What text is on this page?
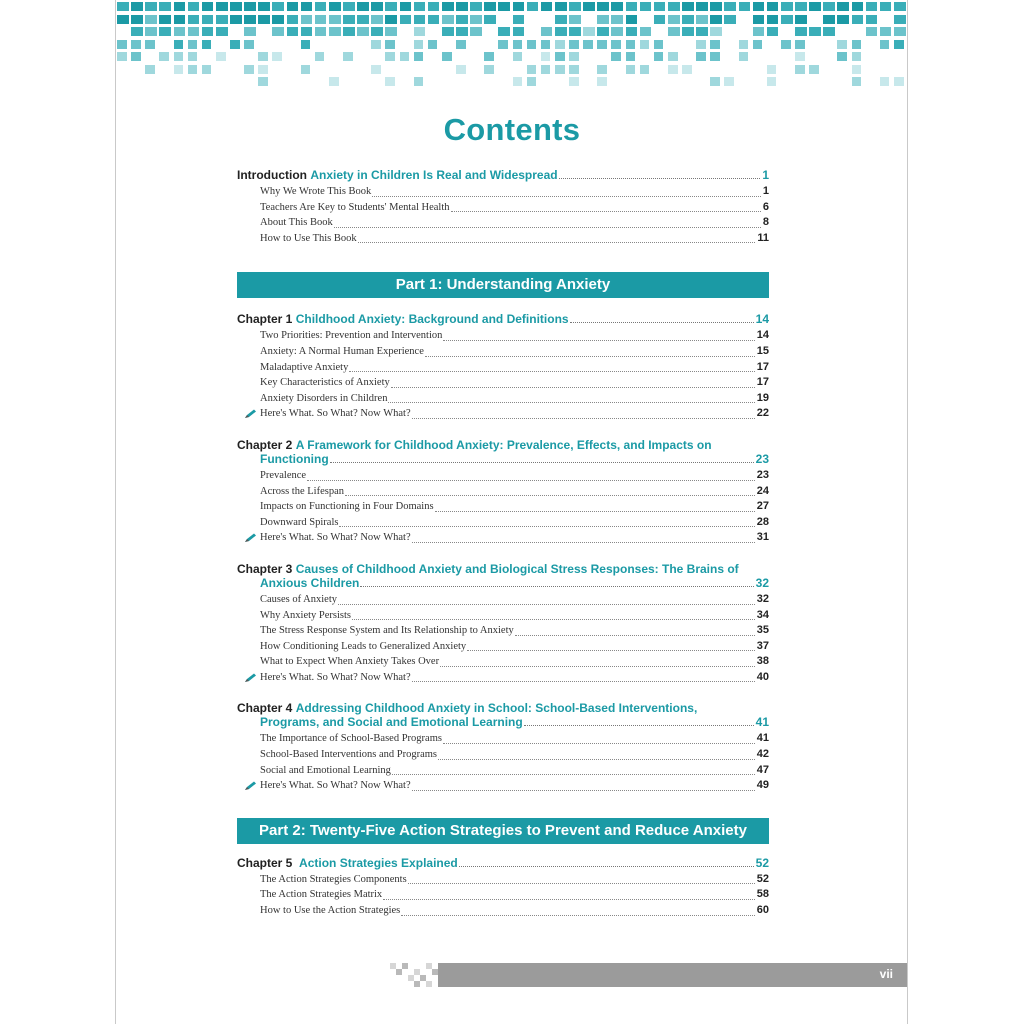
Contents
Introduction
Anxiety in Children Is Real and Widespread	1
Why We Wrote This Book	1
Teachers Are Key to Students' Mental Health	6
About This Book	8
How to Use This Book	11
Part 1: Understanding Anxiety
Chapter 1
Childhood Anxiety: Background and Definitions	14
Two Priorities: Prevention and Intervention	14
Anxiety: A Normal Human Experience	15
Maladaptive Anxiety	17
Key Characteristics of Anxiety	17
Anxiety Disorders in Children	19
Here's What. So What? Now What?	22
Chapter 2 A Framework for Childhood Anxiety: Prevalence, Effects, and Impacts on
Functioning	23
Prevalence	23
Across the Lifespan	24
Impacts on Functioning in Four Domains	27
Downward Spirals	28
Here's What. So What? Now What?	31
Chapter 3 Causes of Childhood Anxiety and Biological Stress Responses: The Brains of
Anxious Children	32
Causes of Anxiety	32
Why Anxiety Persists	34
The Stress Response System and Its Relationship to Anxiety	35
How Conditioning Leads to Generalized Anxiety	37
What to Expect When Anxiety Takes Over	38
Here's What. So What? Now What?	40
Chapter 4 Addressing Childhood Anxiety in School: School-Based Interventions,
Programs, and Social and Emotional Learning	41
The Importance of School-Based Programs	41
School-Based Interventions and Programs	42
Social and Emotional Learning	47
Here's What. So What? Now What?	49
Part 2: Twenty-Five Action Strategies to Prevent and Reduce Anxiety
Chapter 5
Action Strategies Explained	52
The Action Strategies Components	52
The Action Strategies Matrix	58
How to Use the Action Strategies	60
vii
